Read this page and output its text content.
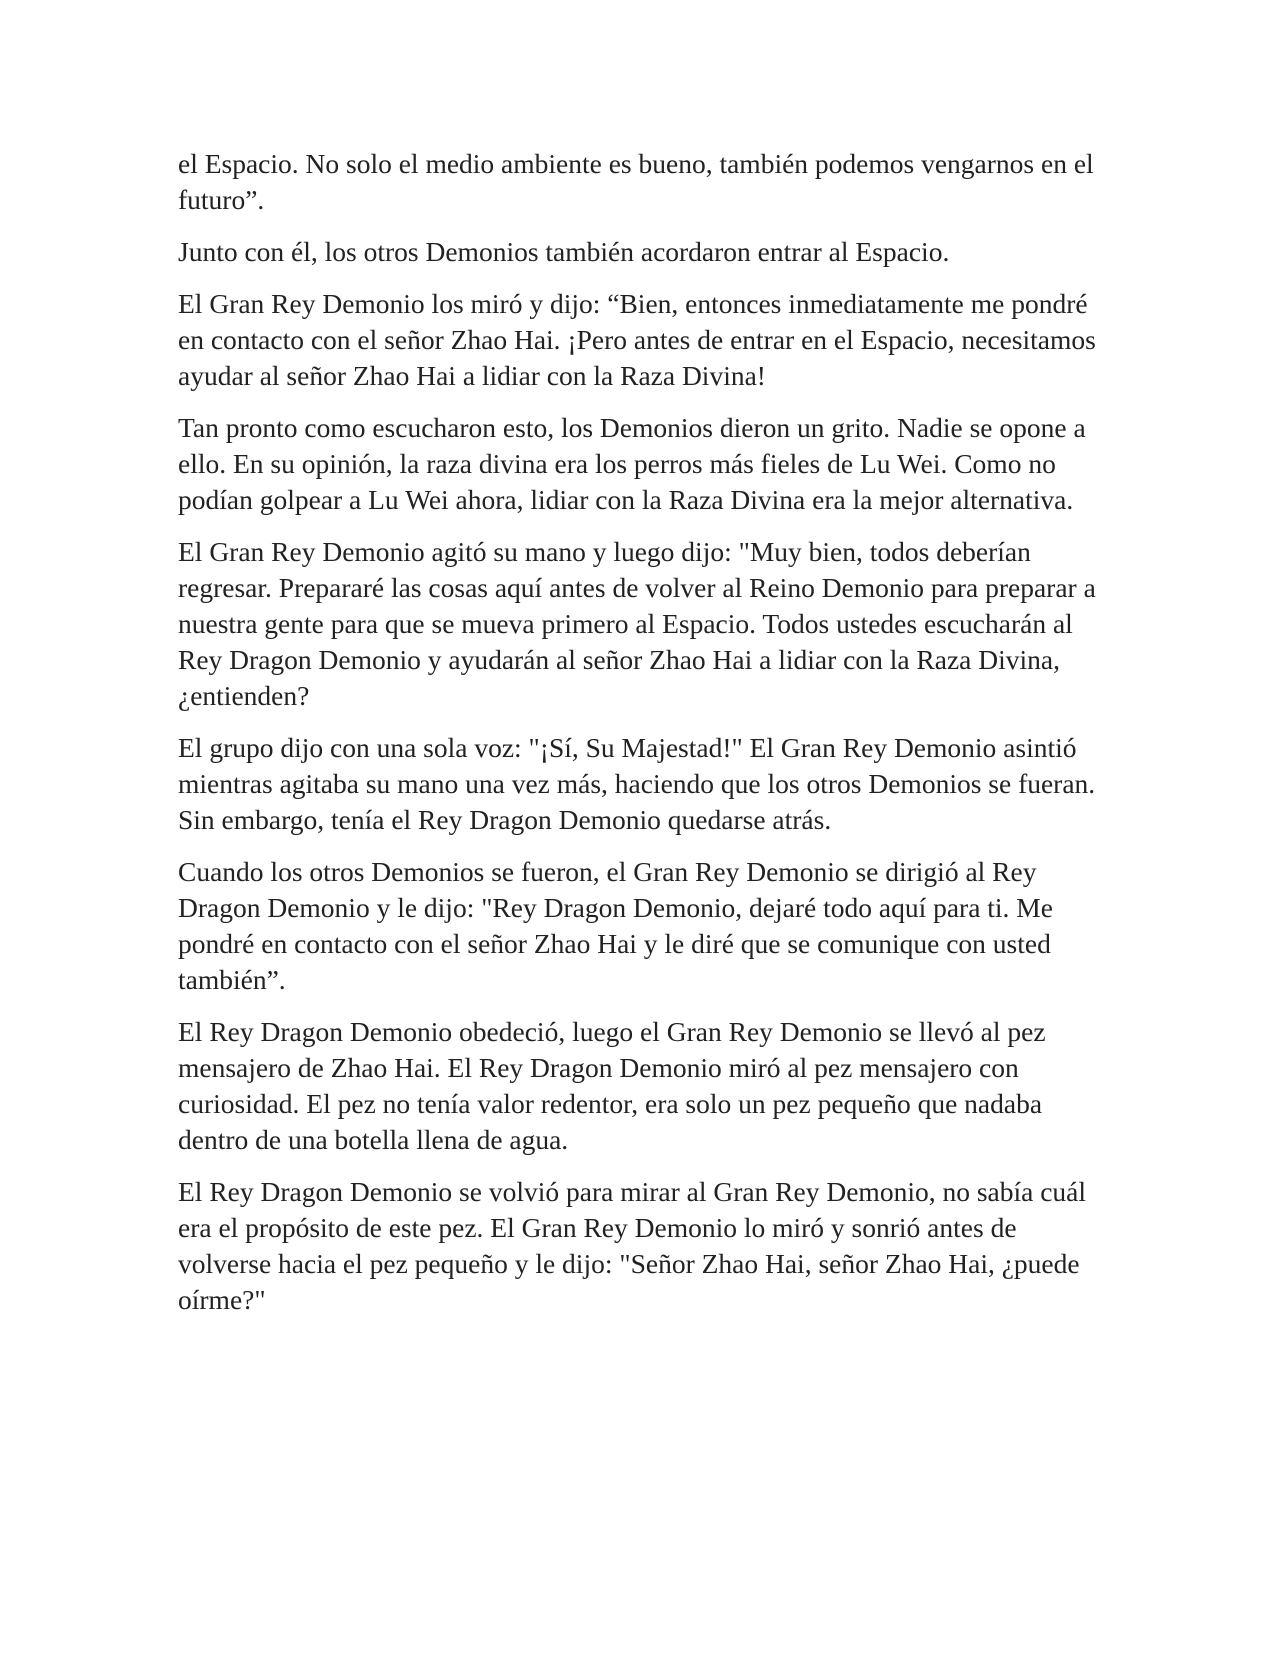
el Espacio. No solo el medio ambiente es bueno, también podemos vengarnos en el futuro”.

Junto con él, los otros Demonios también acordaron entrar al Espacio.

El Gran Rey Demonio los miró y dijo: “Bien, entonces inmediatamente me pondré en contacto con el señor Zhao Hai. ¡Pero antes de entrar en el Espacio, necesitamos ayudar al señor Zhao Hai a lidiar con la Raza Divina!

Tan pronto como escucharon esto, los Demonios dieron un grito. Nadie se opone a ello. En su opinión, la raza divina era los perros más fieles de Lu Wei. Como no podían golpear a Lu Wei ahora, lidiar con la Raza Divina era la mejor alternativa.

El Gran Rey Demonio agitó su mano y luego dijo: "Muy bien, todos deberían regresar. Prepararé las cosas aquí antes de volver al Reino Demonio para preparar a nuestra gente para que se mueva primero al Espacio. Todos ustedes escucharán al Rey Dragon Demonio y ayudarán al señor Zhao Hai a lidiar con la Raza Divina, ¿entienden?

El grupo dijo con una sola voz: "¡Sí, Su Majestad!" El Gran Rey Demonio asintió mientras agitaba su mano una vez más, haciendo que los otros Demonios se fueran. Sin embargo, tenía el Rey Dragon Demonio quedarse atrás.

Cuando los otros Demonios se fueron, el Gran Rey Demonio se dirigió al Rey Dragon Demonio y le dijo: "Rey Dragon Demonio, dejaré todo aquí para ti. Me pondré en contacto con el señor Zhao Hai y le diré que se comunique con usted también”.

El Rey Dragon Demonio obedeció, luego el Gran Rey Demonio se llevó al pez mensajero de Zhao Hai. El Rey Dragon Demonio miró al pez mensajero con curiosidad. El pez no tenía valor redentor, era solo un pez pequeño que nadaba dentro de una botella llena de agua.

El Rey Dragon Demonio se volvió para mirar al Gran Rey Demonio, no sabía cuál era el propósito de este pez. El Gran Rey Demonio lo miró y sonrió antes de volverse hacia el pez pequeño y le dijo: "Señor Zhao Hai, señor Zhao Hai, ¿puede oírme?"
